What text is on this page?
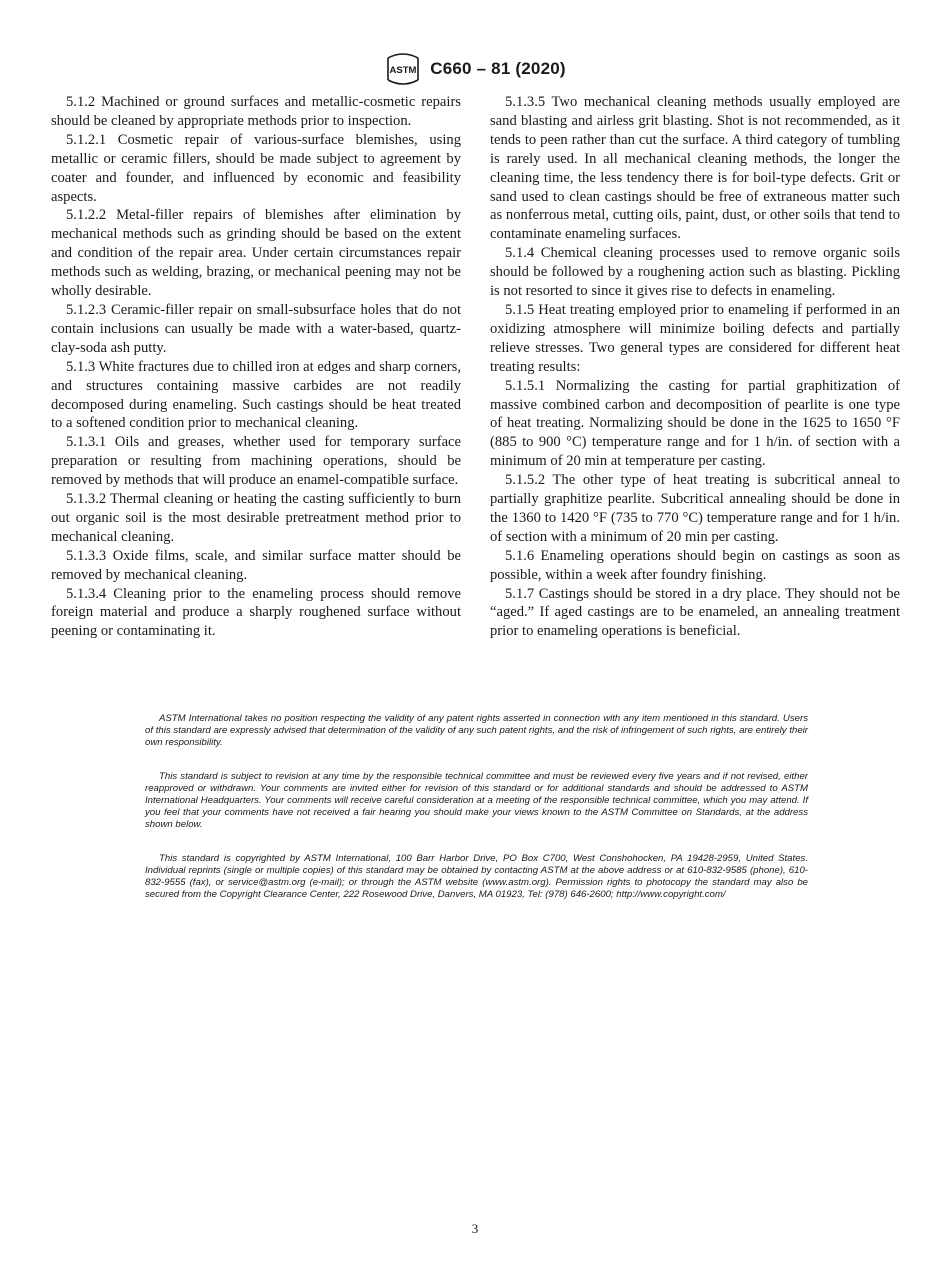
ASTM C660 – 81 (2020)

5.1.2 Machined or ground surfaces and metallic-cosmetic repairs should be cleaned by appropriate methods prior to inspection.

5.1.2.1 Cosmetic repair of various-surface blemishes, using metallic or ceramic fillers, should be made subject to agreement by coater and founder, and influenced by economic and feasibility aspects.

5.1.2.2 Metal-filler repairs of blemishes after elimination by mechanical methods such as grinding should be based on the extent and condition of the repair area. Under certain circumstances repair methods such as welding, brazing, or mechanical peening may not be wholly desirable.

5.1.2.3 Ceramic-filler repair on small-subsurface holes that do not contain inclusions can usually be made with a water-based, quartz-clay-soda ash putty.

5.1.3 White fractures due to chilled iron at edges and sharp corners, and structures containing massive carbides are not readily decomposed during enameling. Such castings should be heat treated to a softened condition prior to mechanical cleaning.

5.1.3.1 Oils and greases, whether used for temporary surface preparation or resulting from machining operations, should be removed by methods that will produce an enamel-compatible surface.

5.1.3.2 Thermal cleaning or heating the casting sufficiently to burn out organic soil is the most desirable pretreatment method prior to mechanical cleaning.

5.1.3.3 Oxide films, scale, and similar surface matter should be removed by mechanical cleaning.

5.1.3.4 Cleaning prior to the enameling process should remove foreign material and produce a sharply roughened surface without peening or contaminating it.

5.1.3.5 Two mechanical cleaning methods usually employed are sand blasting and airless grit blasting. Shot is not recommended, as it tends to peen rather than cut the surface. A third category of tumbling is rarely used. In all mechanical cleaning methods, the longer the cleaning time, the less tendency there is for boil-type defects. Grit or sand used to clean castings should be free of extraneous matter such as nonferrous metal, cutting oils, paint, dust, or other soils that tend to contaminate enameling surfaces.

5.1.4 Chemical cleaning processes used to remove organic soils should be followed by a roughening action such as blasting. Pickling is not resorted to since it gives rise to defects in enameling.

5.1.5 Heat treating employed prior to enameling if performed in an oxidizing atmosphere will minimize boiling defects and partially relieve stresses. Two general types are considered for different heat treating results:

5.1.5.1 Normalizing the casting for partial graphitization of massive combined carbon and decomposition of pearlite is one type of heat treating. Normalizing should be done in the 1625 to 1650 °F (885 to 900 °C) temperature range and for 1 h/in. of section with a minimum of 20 min at temperature per casting.

5.1.5.2 The other type of heat treating is subcritical anneal to partially graphitize pearlite. Subcritical annealing should be done in the 1360 to 1420 °F (735 to 770 °C) temperature range and for 1 h/in. of section with a minimum of 20 min per casting.

5.1.6 Enameling operations should begin on castings as soon as possible, within a week after foundry finishing.

5.1.7 Castings should be stored in a dry place. They should not be “aged.” If aged castings are to be enameled, an annealing treatment prior to enameling operations is beneficial.

ASTM International takes no position respecting the validity of any patent rights asserted in connection with any item mentioned in this standard. Users of this standard are expressly advised that determination of the validity of any such patent rights, and the risk of infringement of such rights, are entirely their own responsibility.

This standard is subject to revision at any time by the responsible technical committee and must be reviewed every five years and if not revised, either reapproved or withdrawn. Your comments are invited either for revision of this standard or for additional standards and should be addressed to ASTM International Headquarters. Your comments will receive careful consideration at a meeting of the responsible technical committee, which you may attend. If you feel that your comments have not received a fair hearing you should make your views known to the ASTM Committee on Standards, at the address shown below.

This standard is copyrighted by ASTM International, 100 Barr Harbor Drive, PO Box C700, West Conshohocken, PA 19428-2959, United States. Individual reprints (single or multiple copies) of this standard may be obtained by contacting ASTM at the above address or at 610-832-9585 (phone), 610-832-9555 (fax), or service@astm.org (e-mail); or through the ASTM website (www.astm.org). Permission rights to photocopy the standard may also be secured from the Copyright Clearance Center, 222 Rosewood Drive, Danvers, MA 01923, Tel: (978) 646-2600; http://www.copyright.com/

3
